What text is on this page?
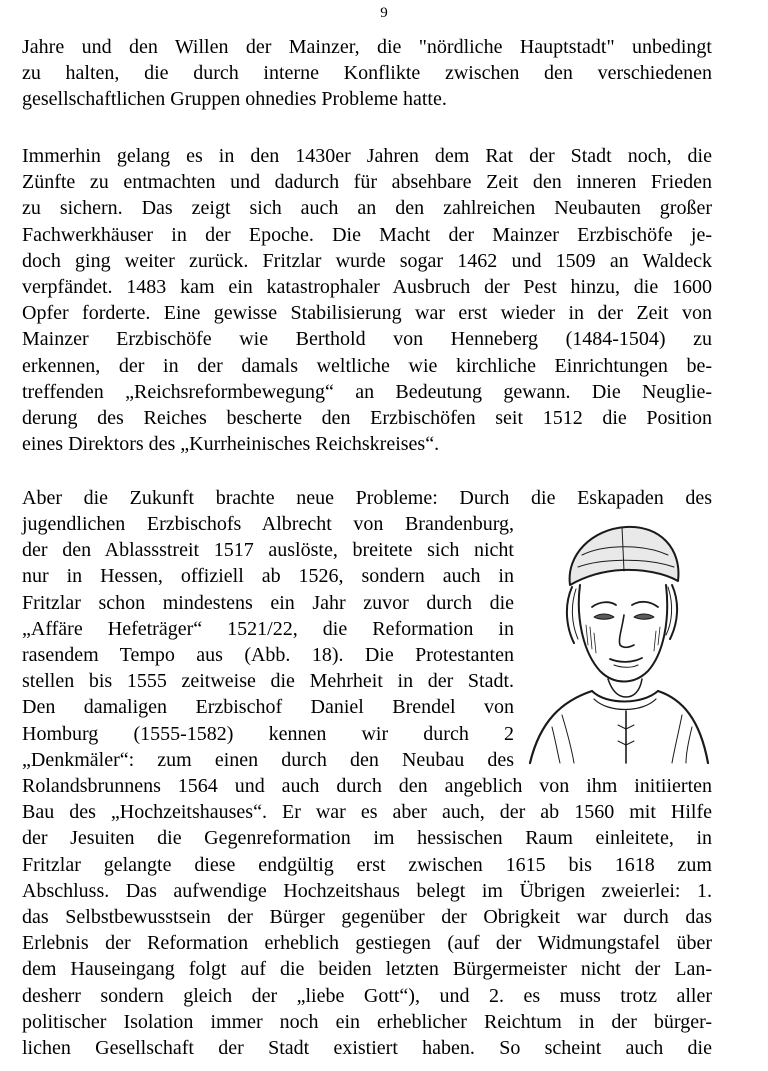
9
Jahre und den Willen der Mainzer, die "nördliche Hauptstadt" unbedingt
zu halten, die durch interne Konflikte zwischen den verschiedenen
gesellschaftlichen Gruppen ohnedies Probleme hatte.
Immerhin gelang es in den 1430er Jahren dem Rat der Stadt noch, die
Zünfte zu entmachten und dadurch für absehbare Zeit den inneren Frieden
zu sichern. Das zeigt sich auch an den zahlreichen Neubauten großer
Fachwerkhäuser in der Epoche. Die Macht der Mainzer Erzbischöfe je-
doch ging weiter zurück. Fritzlar wurde sogar 1462 und 1509 an Waldeck
verpfändet. 1483 kam ein katastrophaler Ausbruch der Pest hinzu, die 1600
Opfer forderte. Eine gewisse Stabilisierung war erst wieder in der Zeit von
Mainzer Erzbischöfe wie Berthold von Henneberg (1484-1504) zu
erkennen, der in der damals weltliche wie kirchliche Einrichtungen be-
treffenden „Reichsreformbewegung“ an Bedeutung gewann. Die Neuglie-
derung des Reiches bescherte den Erzbischöfen seit 1512 die Position
eines Direktors des „Kurrheinisches Reichskreises“.
Aber die Zukunft brachte neue Probleme: Durch die Eskapaden des
jugendlichen Erzbischofs Albrecht von Brandenburg,
der den Ablassstreit 1517 auslöste, breitete sich nicht
nur in Hessen, offiziell ab 1526, sondern auch in
Fritzlar schon mindestens ein Jahr zuvor durch die
„Affäre Hefeträger“ 1521/22, die Reformation in
rasendem Tempo aus (Abb. 18). Die Protestanten
stellen bis 1555 zeitweise die Mehrheit in der Stadt.
Den damaligen Erzbischof Daniel Brendel von
Homburg (1555-1582) kennen wir durch 2
„Denkmäler“: zum einen durch den Neubau des
Rolandsbrunnens 1564 und auch durch den angeblich von ihm initiierten
Bau des „Hochzeitshauses“. Er war es aber auch, der ab 1560 mit Hilfe
der Jesuiten die Gegenreformation im hessischen Raum einleitete, in
Fritzlar gelangte diese endgültig erst zwischen 1615 bis 1618 zum
Abschluss. Das aufwendige Hochzeitshaus belegt im Übrigen zweierlei: 1.
das Selbstbewusstsein der Bürger gegenüber der Obrigkeit war durch das
Erlebnis der Reformation erheblich gestiegen (auf der Widmungstafel über
dem Hauseingang folgt auf die beiden letzten Bürgermeister nicht der Lan-
desherr sondern gleich der „liebe Gott“), und 2. es muss trotz aller
politischer Isolation immer noch ein erheblicher Reichtum in der bürger-
lichen Gesellschaft der Stadt existiert haben. So scheint auch die
